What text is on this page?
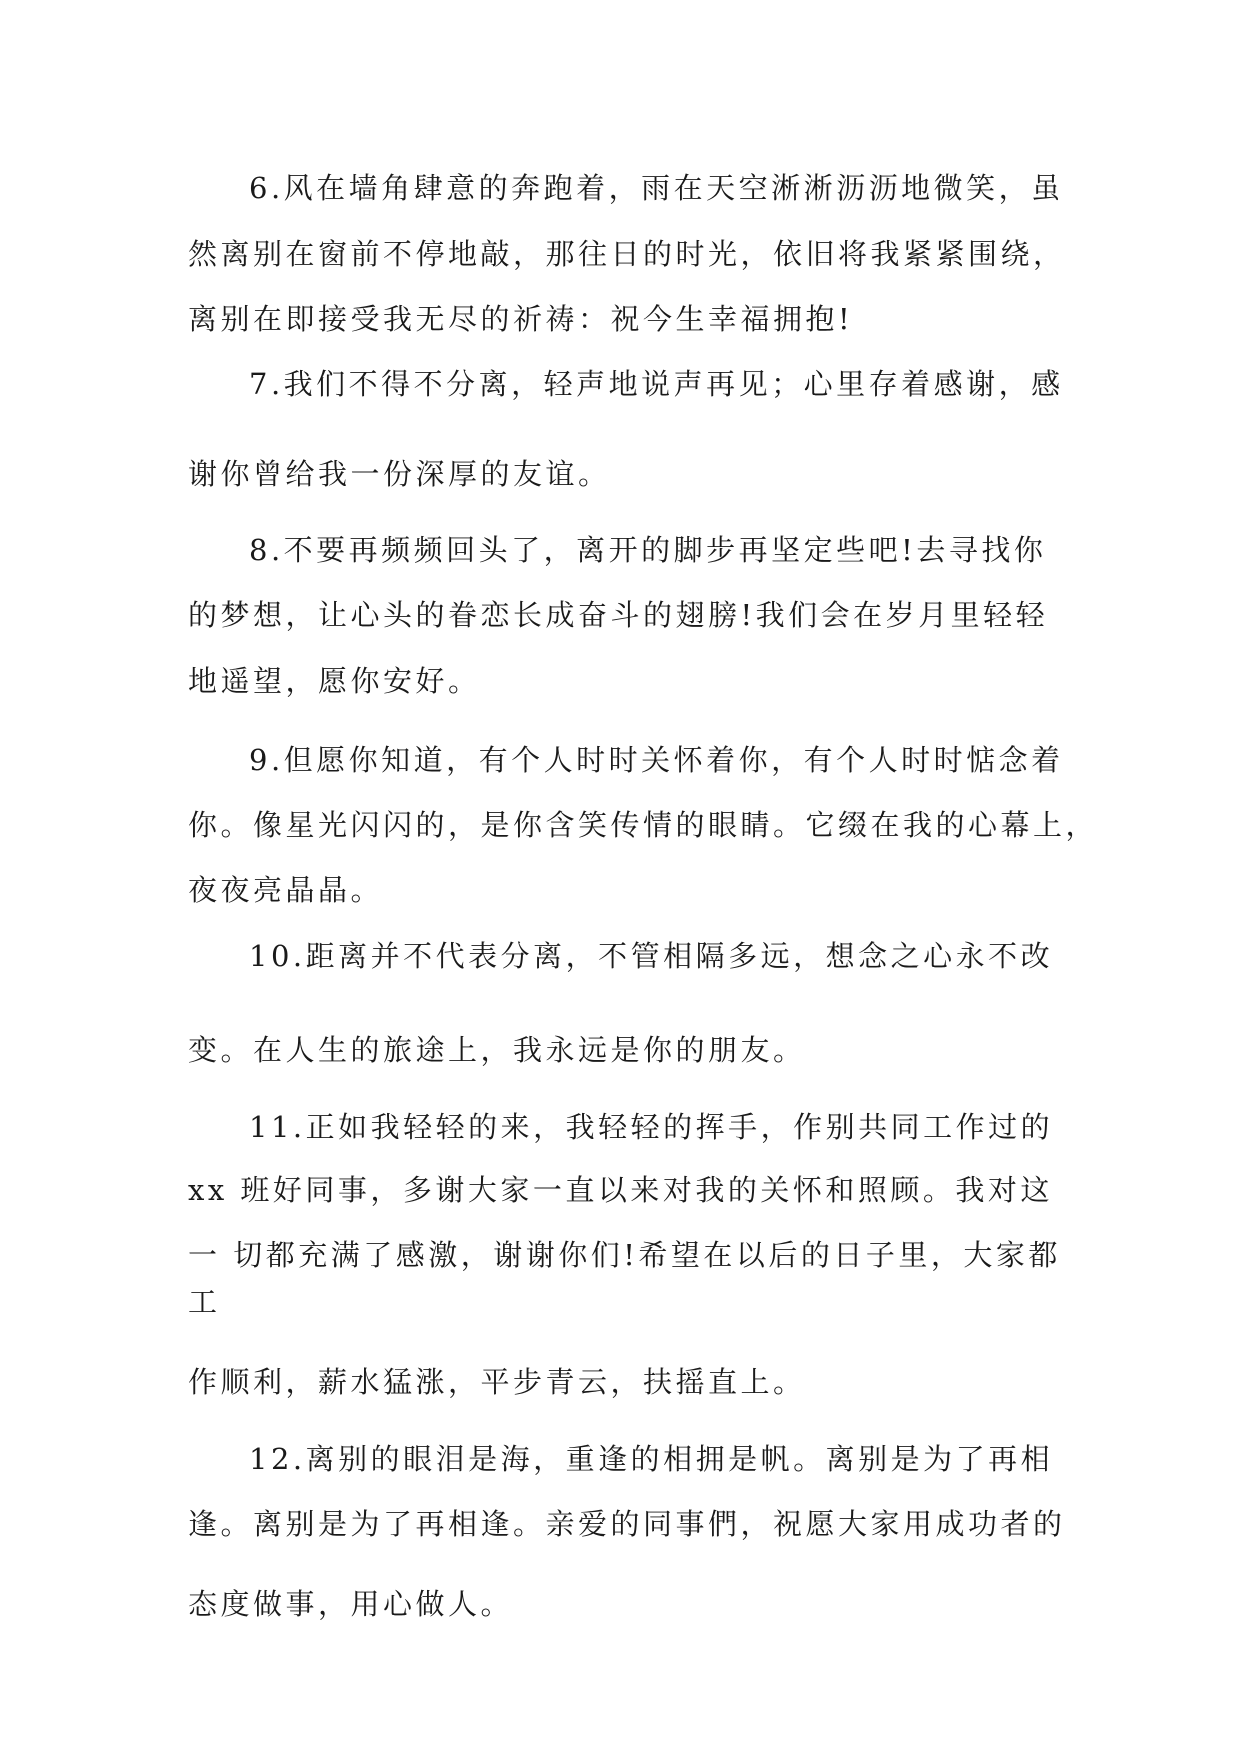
6.风在墙角肆意的奔跑着，雨在天空淅淅沥沥地微笑，虽
然离别在窗前不停地敲，那往日的时光，依旧将我紧紧围绕，
离别在即接受我无尽的祈祷：祝今生幸福拥抱!
7.我们不得不分离，轻声地说声再见；心里存着感谢，感
谢你曾给我一份深厚的友谊。
8.不要再频频回头了，离开的脚步再坚定些吧!去寻找你
的梦想，让心头的眷恋长成奋斗的翅膀!我们会在岁月里轻轻
地遥望，愿你安好。
9.但愿你知道，有个人时时关怀着你，有个人时时惦念着
你。像星光闪闪的，是你含笑传情的眼睛。它缀在我的心幕上，
夜夜亮晶晶。
10.距离并不代表分离，不管相隔多远，想念之心永不改
变。在人生的旅途上，我永远是你的朋友。
11.正如我轻轻的来，我轻轻的挥手，作别共同工作过的
xx 班好同事，多谢大家一直以来对我的关怀和照顾。我对这
一 切都充满了感激，谢谢你们!希望在以后的日子里，大家都
工
作顺利，薪水猛涨，平步青云，扶摇直上。
12.离别的眼泪是海，重逢的相拥是帆。离别是为了再相
逢。离别是为了再相逢。亲爱的同事們，祝愿大家用成功者的
态度做事，用心做人。
